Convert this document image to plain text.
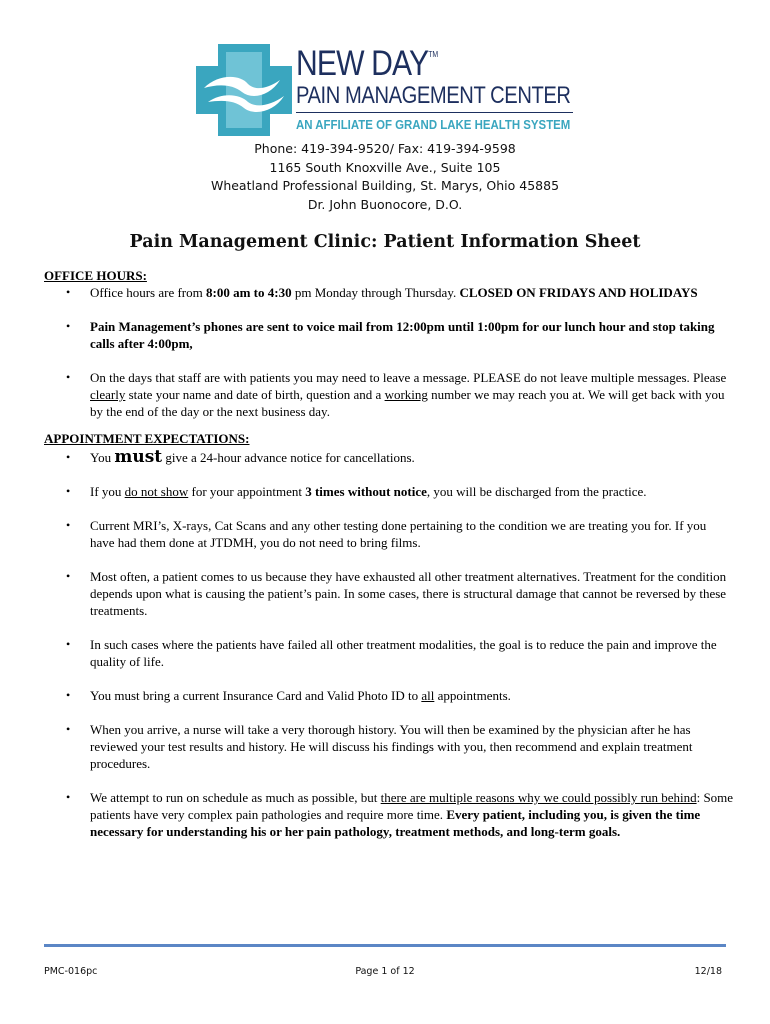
NEW DAY™
PAIN MANAGEMENT CENTER
AN AFFILIATE OF GRAND LAKE HEALTH SYSTEM
Phone: 419-394-9520/ Fax: 419-394-9598
1165 South Knoxville Ave., Suite 105
Wheatland Professional Building, St. Marys, Ohio 45885
Dr. John Buonocore, D.O.
Pain Management Clinic: Patient Information Sheet

OFFICE HOURS:

• Office hours are from 8:00 am to 4:30 pm Monday through Thursday. CLOSED ON FRIDAYS AND HOLIDAYS
• Pain Management’s phones are sent to voice mail from 12:00pm until 1:00pm for our lunch hour and stop taking calls after 4:00pm,
• On the days that staff are with patients you may need to leave a message. PLEASE do not leave multiple messages. Please clearly state your name and date of birth, question and a working number we may reach you at. We will get back with you by the end of the day or the next business day.

APPOINTMENT EXPECTATIONS:

• You must give a 24-hour advance notice for cancellations.
• If you do not show for your appointment 3 times without notice, you will be discharged from the practice.
• Current MRI’s, X-rays, Cat Scans and any other testing done pertaining to the condition we are treating you for. If you have had them done at JTDMH, you do not need to bring films.
• Most often, a patient comes to us because they have exhausted all other treatment alternatives. Treatment for the condition depends upon what is causing the patient’s pain. In some cases, there is structural damage that cannot be reversed by these treatments.
• In such cases where the patients have failed all other treatment modalities, the goal is to reduce the pain and improve the quality of life.
• You must bring a current Insurance Card and Valid Photo ID to all appointments.
• When you arrive, a nurse will take a very thorough history. You will then be examined by the physician after he has reviewed your test results and history. He will discuss his findings with you, then recommend and explain treatment procedures.
• We attempt to run on schedule as much as possible, but there are multiple reasons why we could possibly run behind: Some patients have very complex pain pathologies and require more time. Every patient, including you, is given the time necessary for understanding his or her pain pathology, treatment methods, and long-term goals.
PMC-016pc	Page 1 of 12	12/18
